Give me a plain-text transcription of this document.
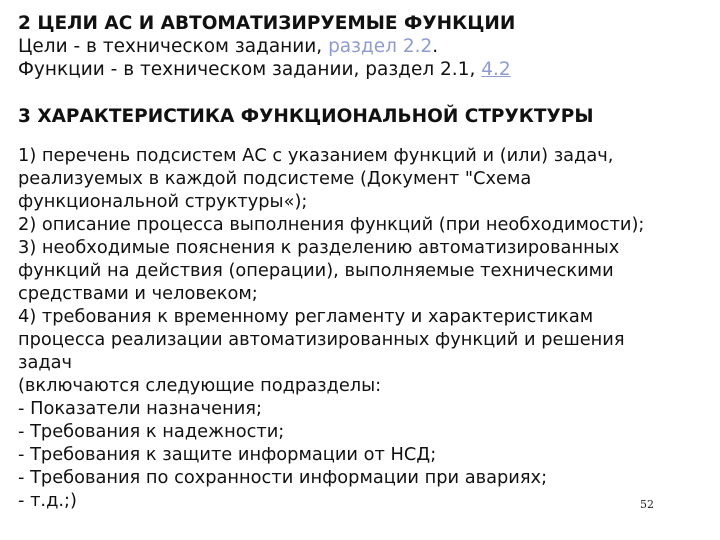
2 ЦЕЛИ АС И АВТОМАТИЗИРУЕМЫЕ ФУНКЦИИ
Цели - в техническом задании, раздел 2.2.
Функции - в техническом задании, раздел 2.1, 4.2
3 ХАРАКТЕРИСТИКА ФУНКЦИОНАЛЬНОЙ СТРУКТУРЫ
1) перечень подсистем АС с указанием функций и (или) задач,
реализуемых в каждой подсистеме (Документ "Схема
функциональной структуры«);
2) описание процесса выполнения функций (при необходимости);
3) необходимые пояснения к разделению автоматизированных
функций на действия (операции), выполняемые техническими
средствами и человеком;
4) требования к временному регламенту и характеристикам
процесса реализации автоматизированных функций и решения
задач
(включаются следующие подразделы:
- Показатели назначения;
- Требования к надежности;
- Требования к защите информации от НСД;
- Требования по сохранности информации при авариях;
- т.д.;)	52
